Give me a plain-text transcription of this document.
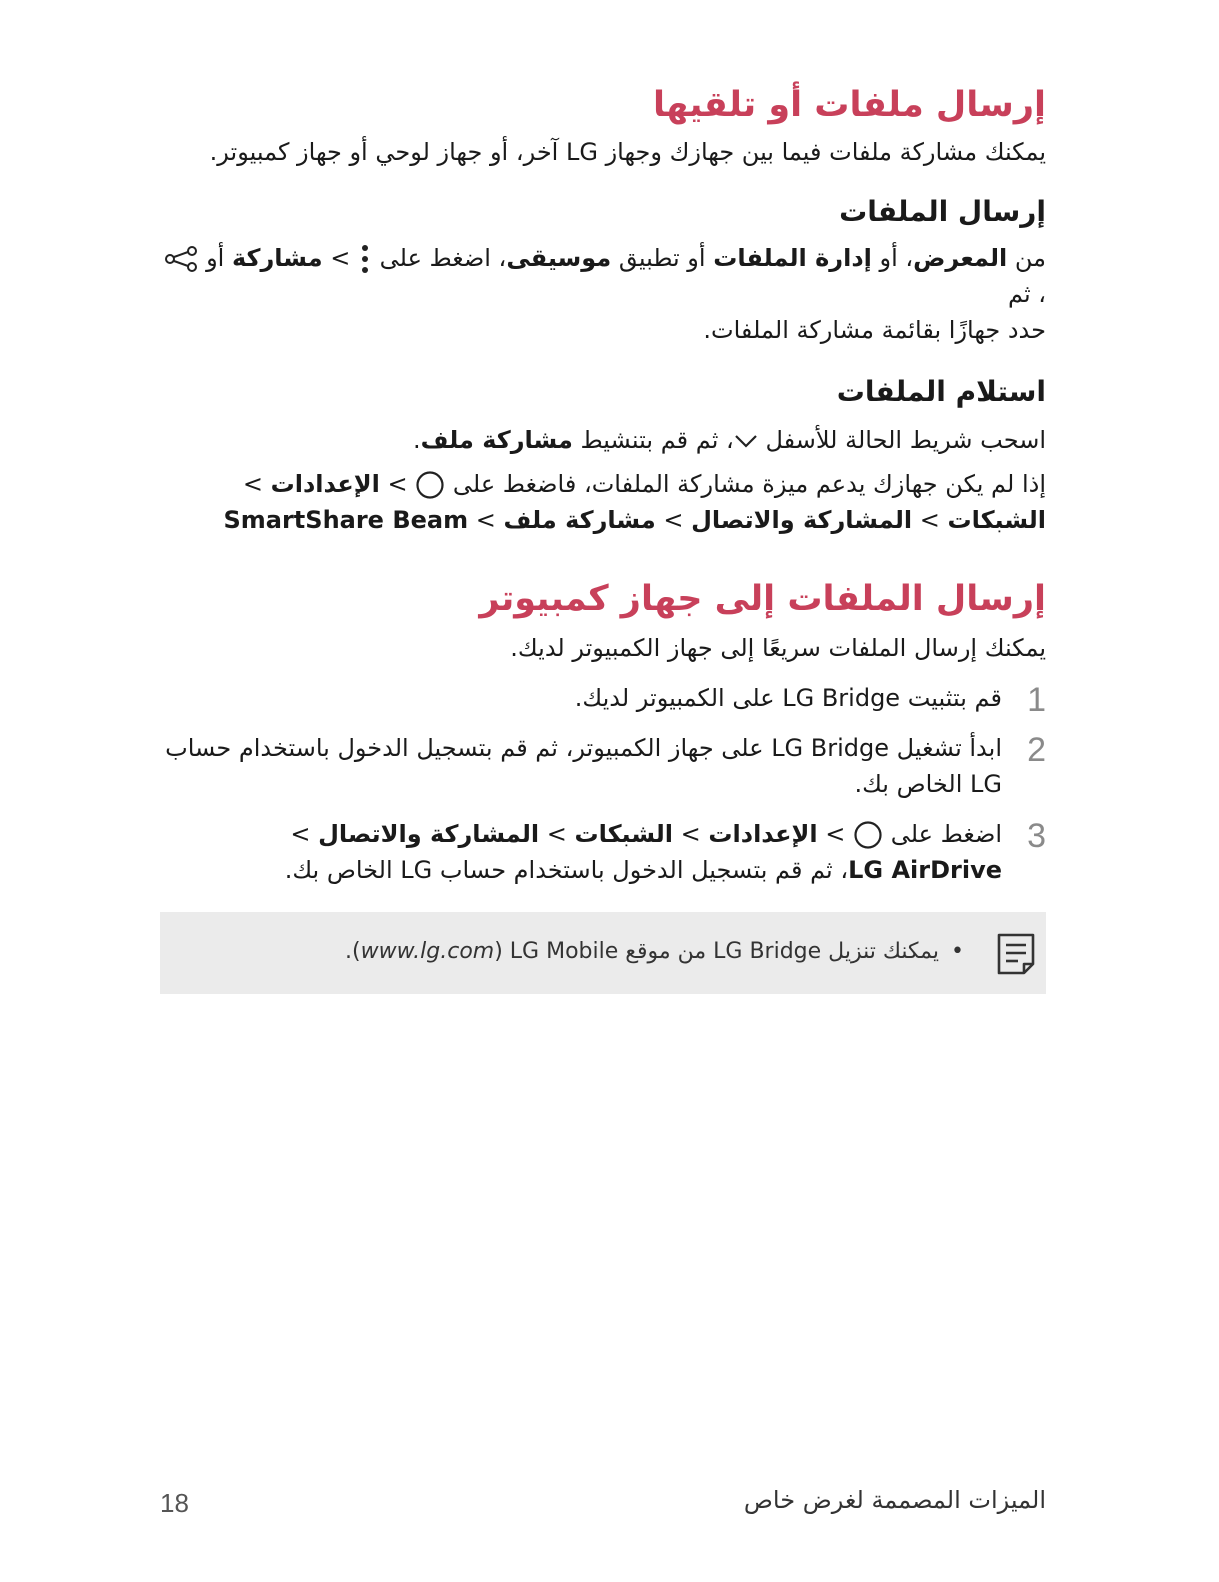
إرسال ملفات أو تلقيها

يمكنك مشاركة ملفات فيما بين جهازك وجهاز LG آخر، أو جهاز لوحي أو جهاز كمبيوتر.

إرسال الملفات

من المعرض، أو إدارة الملفات أو تطبيق موسيقى، اضغط على
> مشاركة أو
، ثم

حدد جهازًا بقائمة مشاركة الملفات.

استلام الملفات

اسحب شريط الحالة للأسفل
، ثم قم بتنشيط مشاركة ملف.

إذا لم يكن جهازك يدعم ميزة مشاركة الملفات، فاضغط على
> الإعدادات > الشبكات > المشاركة والاتصال > مشاركة ملف > SmartShare Beam

إرسال الملفات إلى جهاز كمبيوتر

يمكنك إرسال الملفات سريعًا إلى جهاز الكمبيوتر لديك.

1
قم بتثبيت LG Bridge على الكمبيوتر لديك.
2
ابدأ تشغيل LG Bridge على جهاز الكمبيوتر، ثم قم بتسجيل الدخول باستخدام حساب LG الخاص بك.
3
اضغط على
> الإعدادات > الشبكات > المشاركة والاتصال > LG AirDrive، ثم قم بتسجيل الدخول باستخدام حساب LG الخاص بك.
•يمكنك تنزيل LG Bridge من موقع LG Mobile (www.lg.com).
18	الميزات المصممة لغرض خاص
